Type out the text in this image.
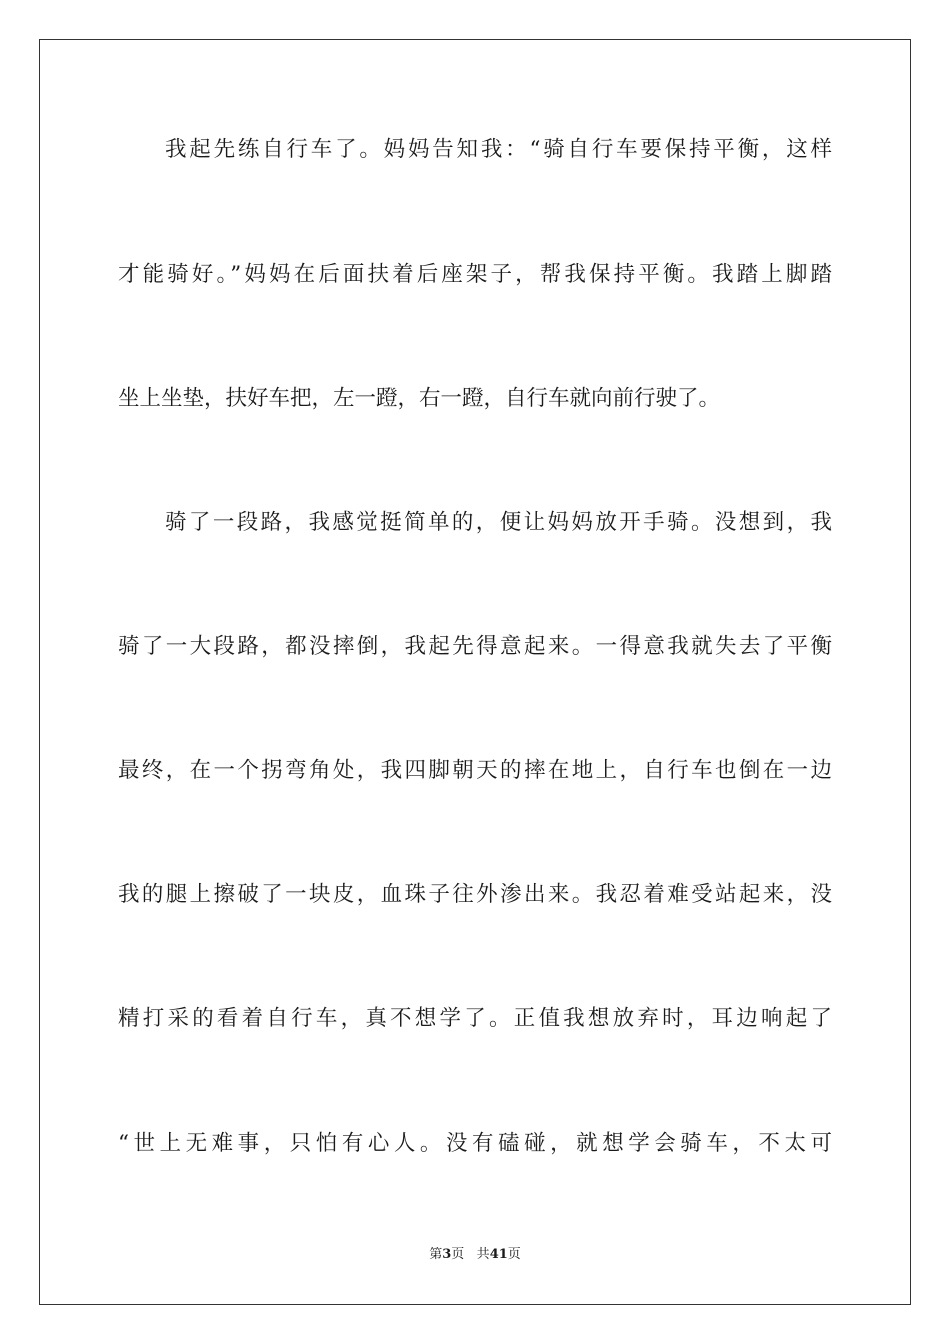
我起先练自行车了。妈妈告知我：“骑自行车要保持平衡，这样
才能骑好。”妈妈在后面扶着后座架子，帮我保持平衡。我踏上脚踏
坐上坐垫，扶好车把，左一蹬，右一蹬，自行车就向前行驶了。
骑了一段路，我感觉挺简单的，便让妈妈放开手骑。没想到，我
骑了一大段路，都没摔倒，我起先得意起来。一得意我就失去了平衡
最终，在一个拐弯角处，我四脚朝天的摔在地上，自行车也倒在一边
我的腿上擦破了一块皮，血珠子往外渗出来。我忍着难受站起来，没
精打采的看着自行车，真不想学了。正值我想放弃时，耳边响起了
“世上无难事，只怕有心人。没有磕碰，就想学会骑车，不太可
第3页 共41页
